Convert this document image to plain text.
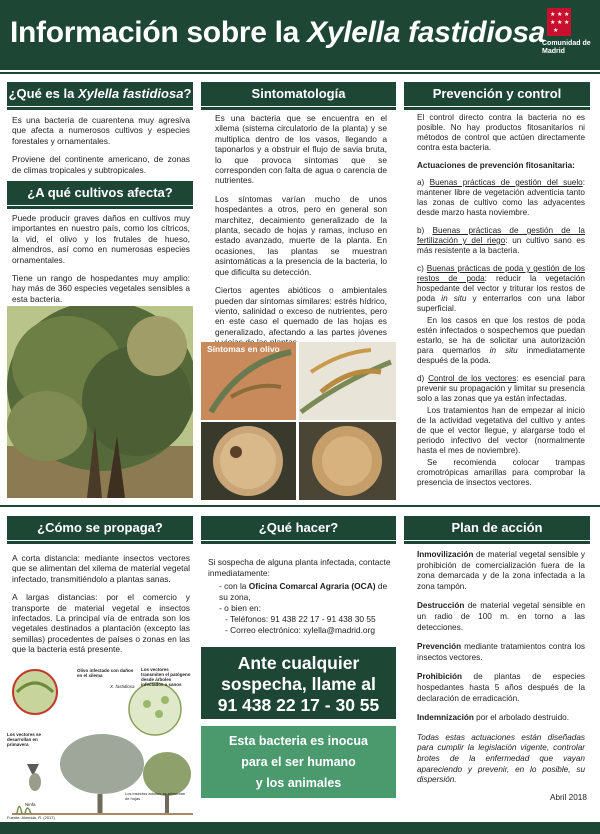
Información sobre la Xylella fastidiosa
★ ★ ★
★ ★ ★
★
Comunidad de Madrid
¿Qué es la Xylella fastidiosa?

Es una bacteria de cuarentena muy agresiva que afecta a numerosos cultivos y especies forestales y ornamentales.

Proviene del continente americano, de zonas de climas tropicales y subtropicales.

¿A qué cultivos afecta?

Puede producir graves daños en cultivos muy importantes en nuestro país, como los cítricos, la vid, el olivo y los frutales de hueso, almendros, así como en numerosas especies ornamentales.

Tiene un rango de hospedantes muy amplio: hay más de 360 especies vegetales sensibles a esta bacteria.

Sintomatología

Es una bacteria que se encuentra en el xilema (sistema circulatorio de la planta) y se multiplica dentro de los vasos, llegando a taponarlos y a obstruir el flujo de savia bruta, lo que provoca síntomas que se corresponden con falta de agua o carencia de nutrientes.

Los síntomas varían mucho de unos hospedantes a otros, pero en general son marchitez, decaimiento generalizado de la planta, secado de hojas y ramas, incluso en estado avanzado, muerte de la planta. En ocasiones, las plantas se muestran asintomáticas a la presencia de la bacteria, lo que dificulta su detección.

Ciertos agentes abióticos o ambientales pueden dar síntomas similares: estrés hídrico, viento, salinidad o exceso de nutrientes, pero en este caso el quemado de las hojas es generalizado, afectando a las partes jóvenes

Síntomas en olivo
Prevención y control

El control directo contra la bacteria no es posible. No hay productos fitosanitarios ni métodos de control que actúen directamente contra esta bacteria.

Actuaciones de prevención fitosanitaria:

a) Buenas prácticas de gestión del suelo: mantener libre de vegetación adventicia tanto las zonas de cultivo como las adyacentes desde marzo hasta noviembre.

b) Buenas prácticas de gestión de la fertilización y del riego: un cultivo sano es más resistente a la bacteria.

c) Buenas prácticas de poda y gestión de los restos de poda: reducir la vegetación hospedante del vector y triturar los restos de poda in situ y enterrarlos con una labor superficial.

En los casos en que los restos de poda estén infectados o sospechemos que puedan estarlo, se ha de solicitar una autorización para quemarlos in situ inmediatamente después de la poda.

d) Control de los vectores: es esencial para prevenir su propagación y limitar su presencia solo a las zonas que ya están infectadas.

Los tratamientos han de empezar al inicio de la actividad vegetativa del cultivo y antes de que el vector llegue, y alargarse todo el periodo infectivo del vector (normalmente hasta el mes de noviembre).

Se recomienda colocar trampas cromotrópicas amarillas para comprobar la presencia de insectos vectores.

¿Cómo se propaga?

A corta distancia: mediante insectos vectores que se alimentan del xilema de material vegetal infectado, transmitiéndolo a plantas sanas.

A largas distancias: por el comercio y transporte de material vegetal e insectos infectados. La principal vía de entrada son los vegetales destinados a plantación (excepto las semillas) procedentes de países o zonas en las que la bacteria está presente.

Olivo infectado con daños en el xilema
X. fastidiosa
Los vectores transmiten el patógeno desde árboles infectados a sanos
Los vectores se desarrollan en primavera
Los insectos adultos se alimentan de hojas
Ninfa
Fuente: Almeida, R. (2017)
¿Qué hacer?

Si sospecha de alguna planta infectada, contacte inmediatamente:

- con la Oficina Comarcal Agraria (OCA) de su zona,
- o bien en:
- Teléfonos: 91 438 22 17 - 91 438 30 55
- Correo electrónico: xylella@madrid.org
Ante cualquier
sospecha, llame al
91 438 22 17 - 30 55
Esta bacteria es inocua
para el ser humano
y los animales
Plan de acción

Inmovilización de material vegetal sensible y prohibición de comercialización fuera de la zona demarcada y de la zona infectada a la zona tampón.

Destrucción de material vegetal sensible en un radio de 100 m. en torno a las detecciones.

Prevención mediante tratamientos contra los insectos vectores.

Prohibición de plantas de especies hospedantes hasta 5 años después de la declaración de erradicación.

Indemnización por el arbolado destruido.

Todas estas actuaciones están diseñadas para cumplir la legislación vigente, controlar brotes de la enfermedad que vayan apareciendo y prevenir, en lo posible, su dispersión.

Abril 2018
